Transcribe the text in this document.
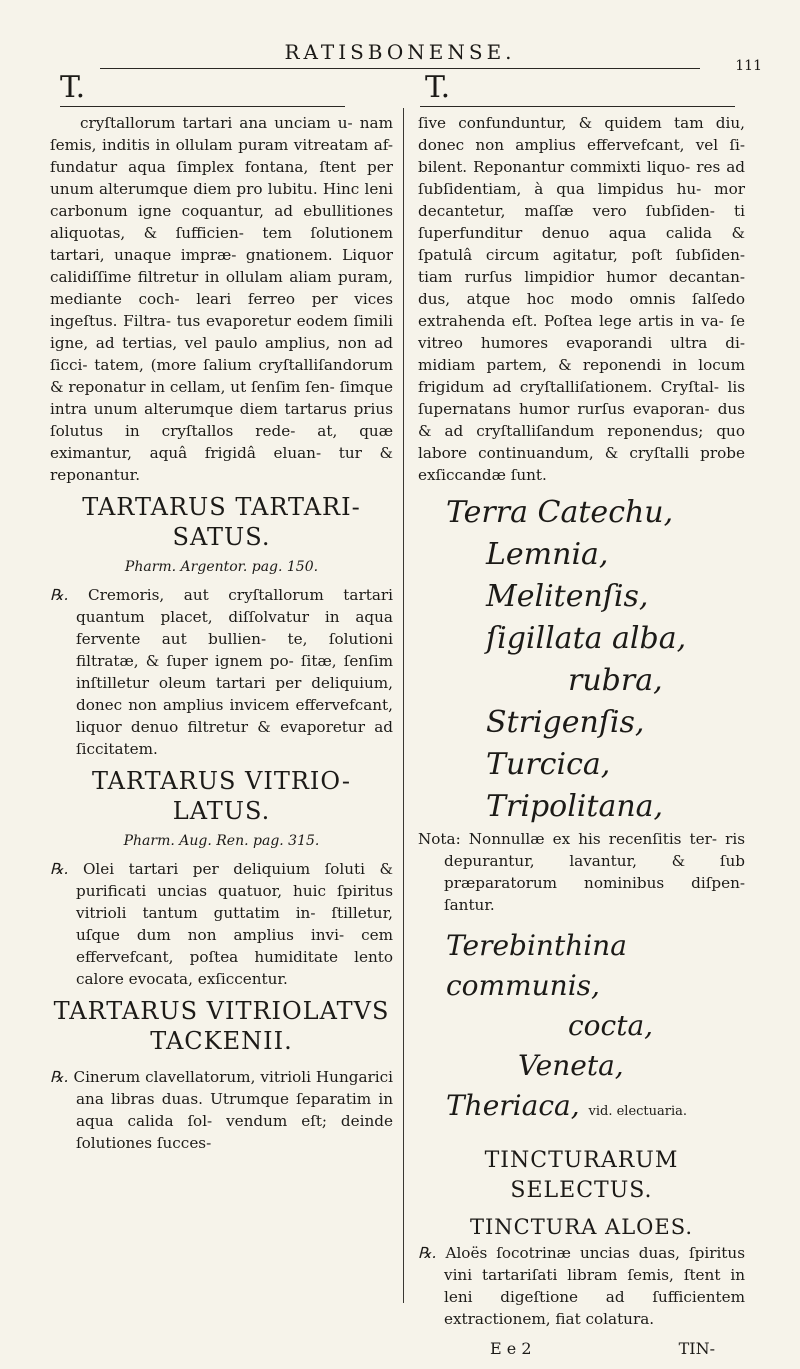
RATISBONENSE.
111
T.	T.

cryſtallorum tartari ana unciam u- nam ſemis, inditis in ollulam puram vitreatam af- fundatur aqua ſimplex fontana, ſtent per unum alterumque diem pro lubitu. Hinc leni carbonum igne coquantur, ad ebullitiones aliquotas, & ſufficien- tem ſolutionem tartari, unaque impræ- gnationem. Liquor calidiſſime filtretur in ollulam aliam puram, mediante coch- leari ferreo per vices ingeſtus. Filtra- tus evaporetur eodem ſimili igne, ad tertias, vel paulo amplius, non ad ſicci- tatem, (more ſalium cryſtalliſandorum & reponatur in cellam, ut ſenſim ſen- ſimque intra unum alterumque diem tartarus prius ſolutus in cryſtallos rede- at, quæ eximantur, aquâ frigidâ eluan- tur & reponantur.

TARTARUS TARTARI- SATUS.
Pharm. Argentor. pag. 150.

℞. Cremoris, aut cryſtallorum tartari quantum placet, diſſolvatur in aqua fervente aut bullien- te, ſolutioni filtratæ, & ſuper ignem po- ſitæ, ſenſim inſtilletur oleum tartari per deliquium, donec non amplius invicem effervefcant, liquor denuo filtretur & evaporetur ad ſiccitatem.

TARTARUS VITRIO- LATUS.
Pharm. Aug. Ren. pag. 315.

℞. Olei tartari per deliquium ſoluti & purificati uncias quatuor, huic ſpiritus vitrioli tantum guttatim in- ſtilletur, uſque dum non amplius invi- cem effervefcant, poſtea humiditate lento calore evocata, exſiccentur.

TARTARUS VITRIOLATVS TACKENII.

℞. Cinerum clavellatorum, vitrioli Hungarici ana libras duas. Utrumque ſeparatim in aqua calida ſol- vendum eſt; deinde ſolutiones ſucces-

ſive confunduntur, & quidem tam diu, donec non amplius effervefcant, vel ſi- bilent. Reponantur commixti liquo- res ad ſubſidentiam, à qua limpidus hu- mor decantetur, maſſæ vero ſubſiden- ti ſuperfunditur denuo aqua calida & ſpatulâ circum agitatur, poſt ſubſiden- tiam rurſus limpidior humor decantan- dus, atque hoc modo omnis ſalſedo extrahenda eſt. Poſtea lege artis in va- ſe vitreo humores evaporandi ultra di- midiam partem, & reponendi in locum frigidum ad cryſtalliſationem. Cryſtal- lis ſupernatans humor rurſus evaporan- dus & ad cryſtalliſandum reponendus; quo labore continuandum, & cryſtalli probe exſiccandæ ſunt.

Terra Catechu,
Lemnia,
Melitenſis,
ſigillata alba,
rubra,
Strigenſis,
Turcica,
Tripolitana,

Nota: Nonnullæ ex his recenſitis ter- ris depurantur, lavantur, & ſub præparatorum nominibus diſpen- ſantur.

Terebinthina communis,
cocta,
Veneta,
Theriaca, vid. electuaria.
TINCTURARUM SELECTUS.
TINCTURA ALOES.

℞. Aloës ſocotrinæ uncias duas, ſpiritus vini tartariſati libram ſemis, ſtent in leni digeſtione ad ſufficientem extractionem, fiat colatura.

E e 2	TIN-
